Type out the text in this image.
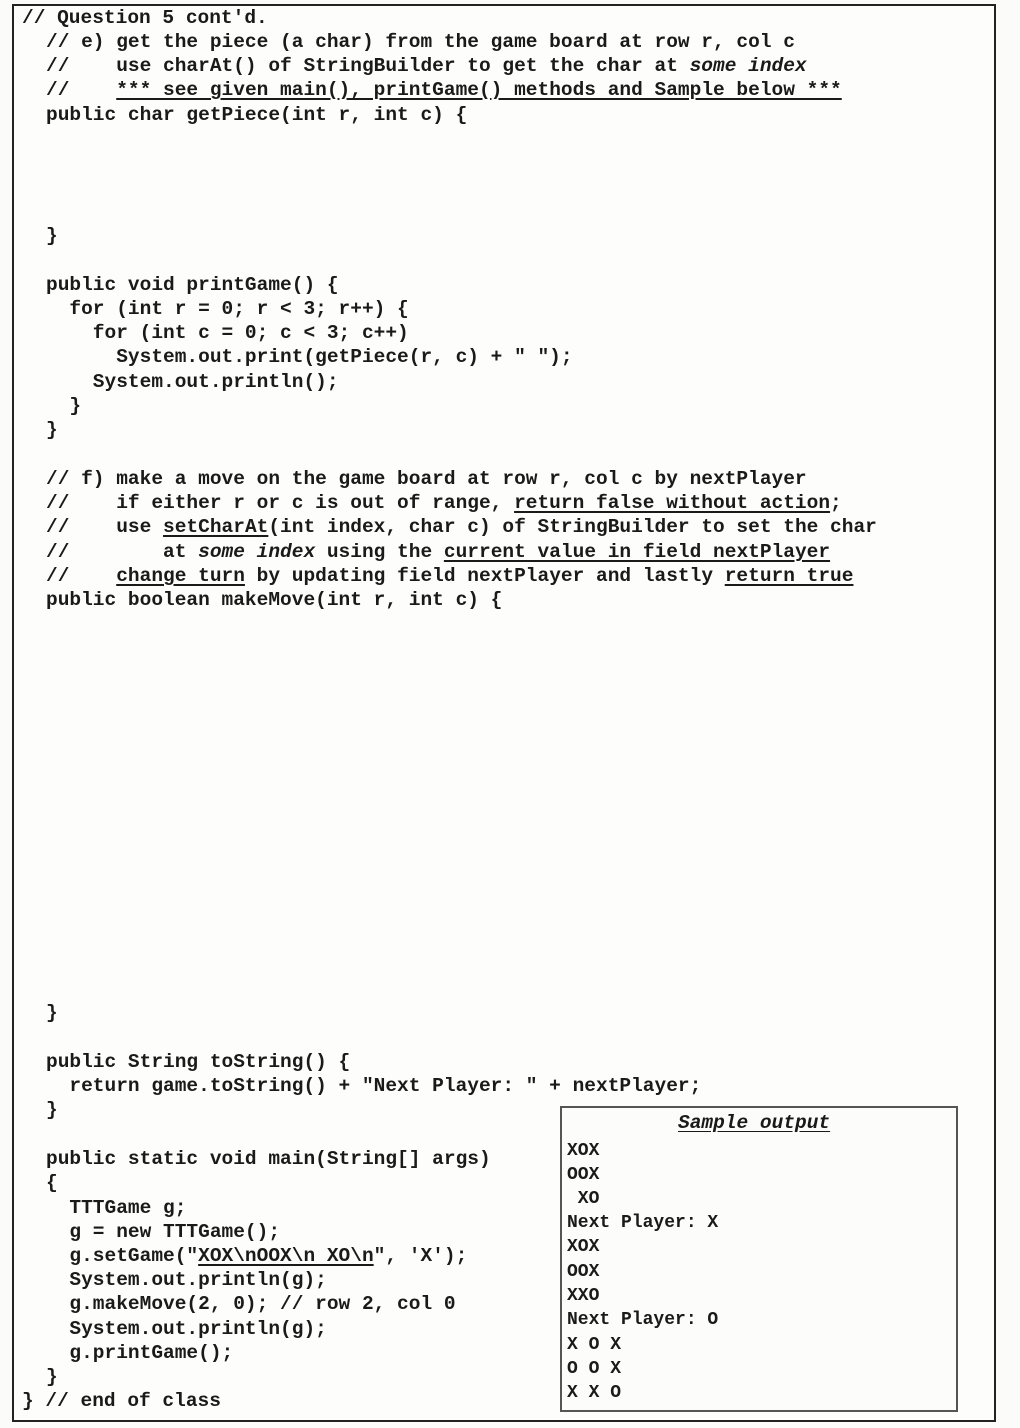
// Question 5 cont'd.
// e) get the piece (a char) from the game board at row r, col c
//    use charAt() of StringBuilder to get the char at some index
//    *** see given main(), printGame() methods and Sample below ***
public char getPiece(int r, int c) {
}
public void printGame() {
for (int r = 0; r < 3; r++) {
for (int c = 0; c < 3; c++)
System.out.print(getPiece(r, c) + " ");
System.out.println();
}
}
// f) make a move on the game board at row r, col c by nextPlayer
//    if either r or c is out of range, return false without action;
//    use setCharAt(int index, char c) of StringBuilder to set the char
//        at some index using the current value in field nextPlayer
//    change turn by updating field nextPlayer and lastly return true
public boolean makeMove(int r, int c) {
}
public String toString() {
return game.toString() + "Next Player: " + nextPlayer;
}
public static void main(String[] args)
{
TTTGame g;
g = new TTTGame();
g.setGame("XOX\nOOX\n XO\n", 'X');
System.out.println(g);
g.makeMove(2, 0); // row 2, col 0
System.out.println(g);
g.printGame();
}
} // end of class
Sample output
XOX
OOX
XO
Next Player: X
XOX
OOX
XXO
Next Player: O
X O X
O O X
X X O
